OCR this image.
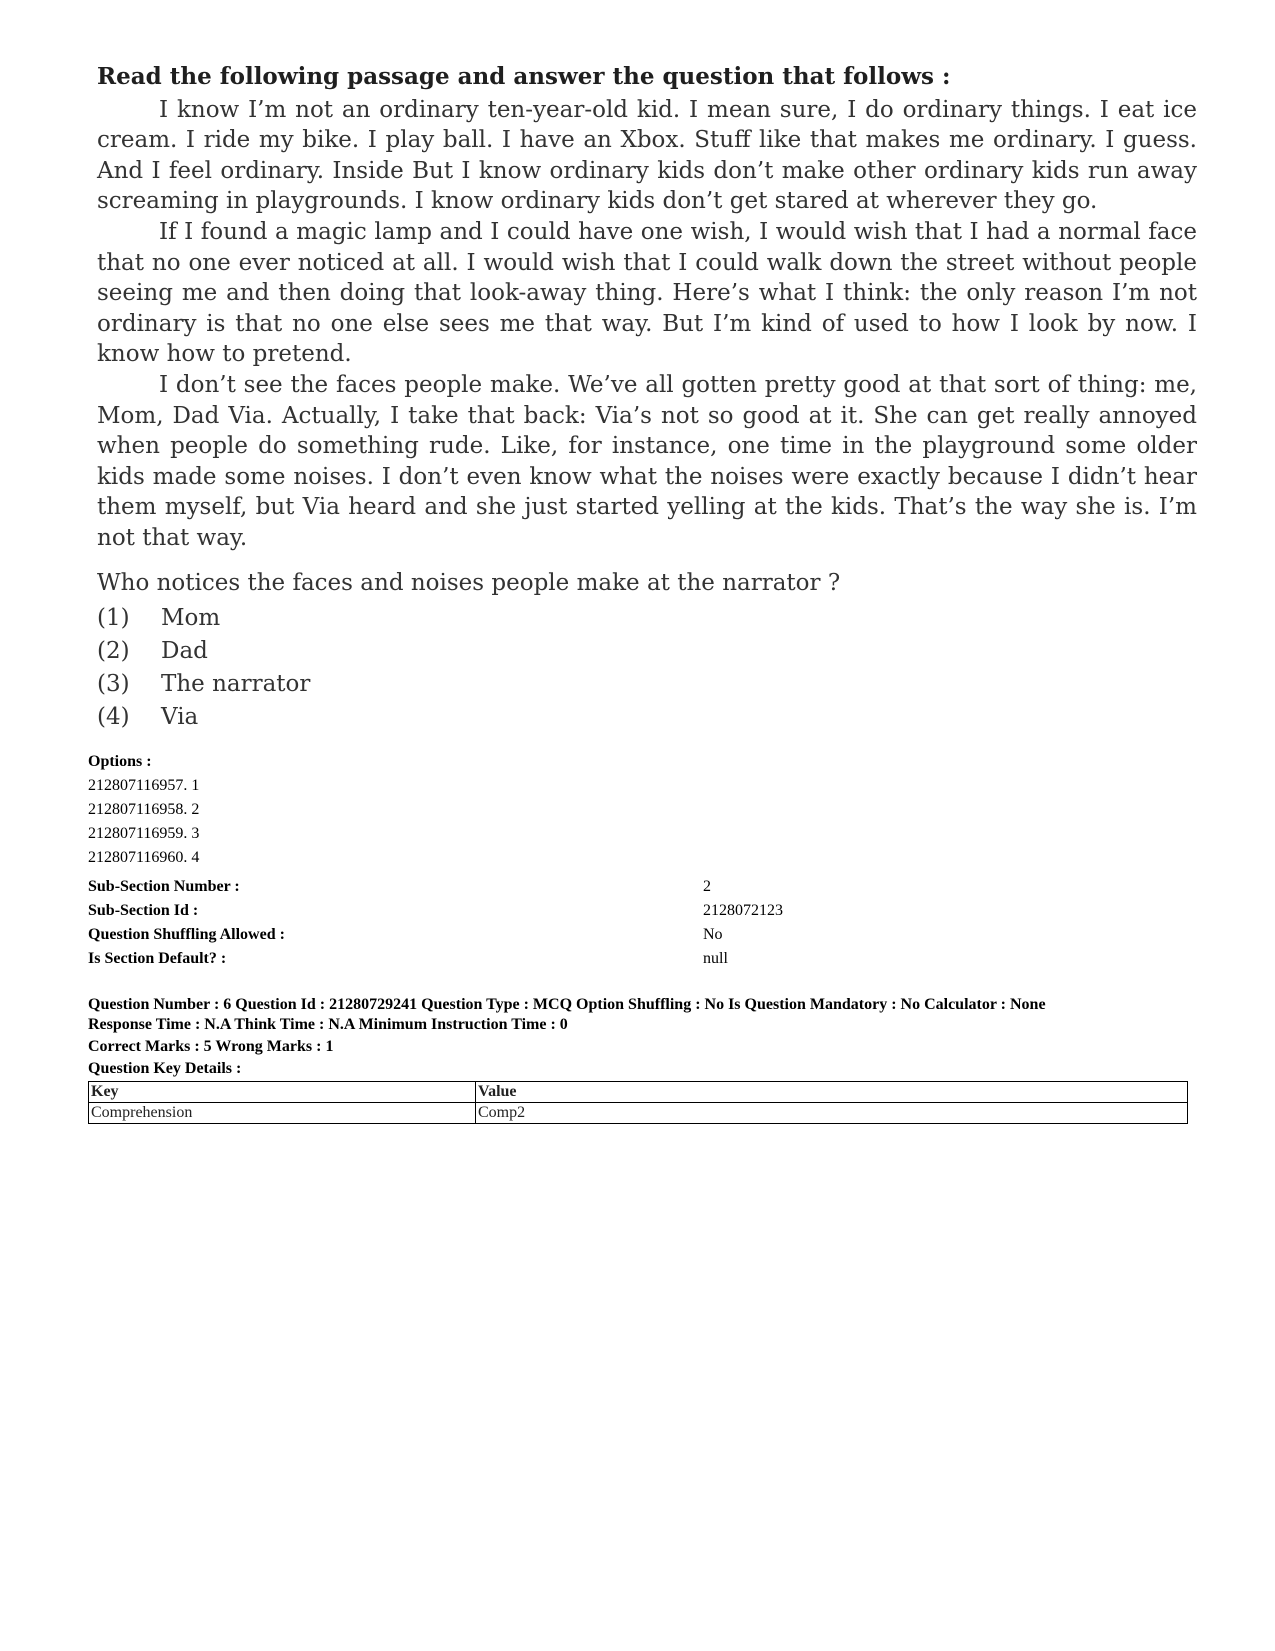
Read the following passage and answer the question that follows :

I know I’m not an ordinary ten-year-old kid. I mean sure, I do ordinary things. I eat ice cream. I ride my bike. I play ball. I have an Xbox. Stuff like that makes me ordinary. I guess. And I feel ordinary. Inside But I know ordinary kids don’t make other ordinary kids run away screaming in playgrounds. I know ordinary kids don’t get stared at wherever they go.

If I found a magic lamp and I could have one wish, I would wish that I had a normal face that no one ever noticed at all. I would wish that I could walk down the street without people seeing me and then doing that look-away thing. Here’s what I think: the only reason I’m not ordinary is that no one else sees me that way. But I’m kind of used to how I look by now. I know how to pretend.

I don’t see the faces people make. We’ve all gotten pretty good at that sort of thing: me, Mom, Dad Via. Actually, I take that back: Via’s not so good at it. She can get really annoyed when people do something rude. Like, for instance, one time in the playground some older kids made some noises. I don’t even know what the noises were exactly because I didn’t hear them myself, but Via heard and she just started yelling at the kids. That’s the way she is. I’m not that way.

Who notices the faces and noises people make at the narrator ?

(1)	Mom
(2)	Dad
(3)	The narrator
(4)	Via
Options :
212807116957. 1
212807116958. 2
212807116959. 3
212807116960. 4
Sub-Section Number :	2
Sub-Section Id :	2128072123
Question Shuffling Allowed :	No
Is Section Default? :	null
Question Number : 6 Question Id : 21280729241 Question Type : MCQ Option Shuffling : No Is Question Mandatory : No Calculator : None
Response Time : N.A Think Time : N.A Minimum Instruction Time : 0
Correct Marks : 5 Wrong Marks : 1
Question Key Details :
Key	Value
Comprehension	Comp2
